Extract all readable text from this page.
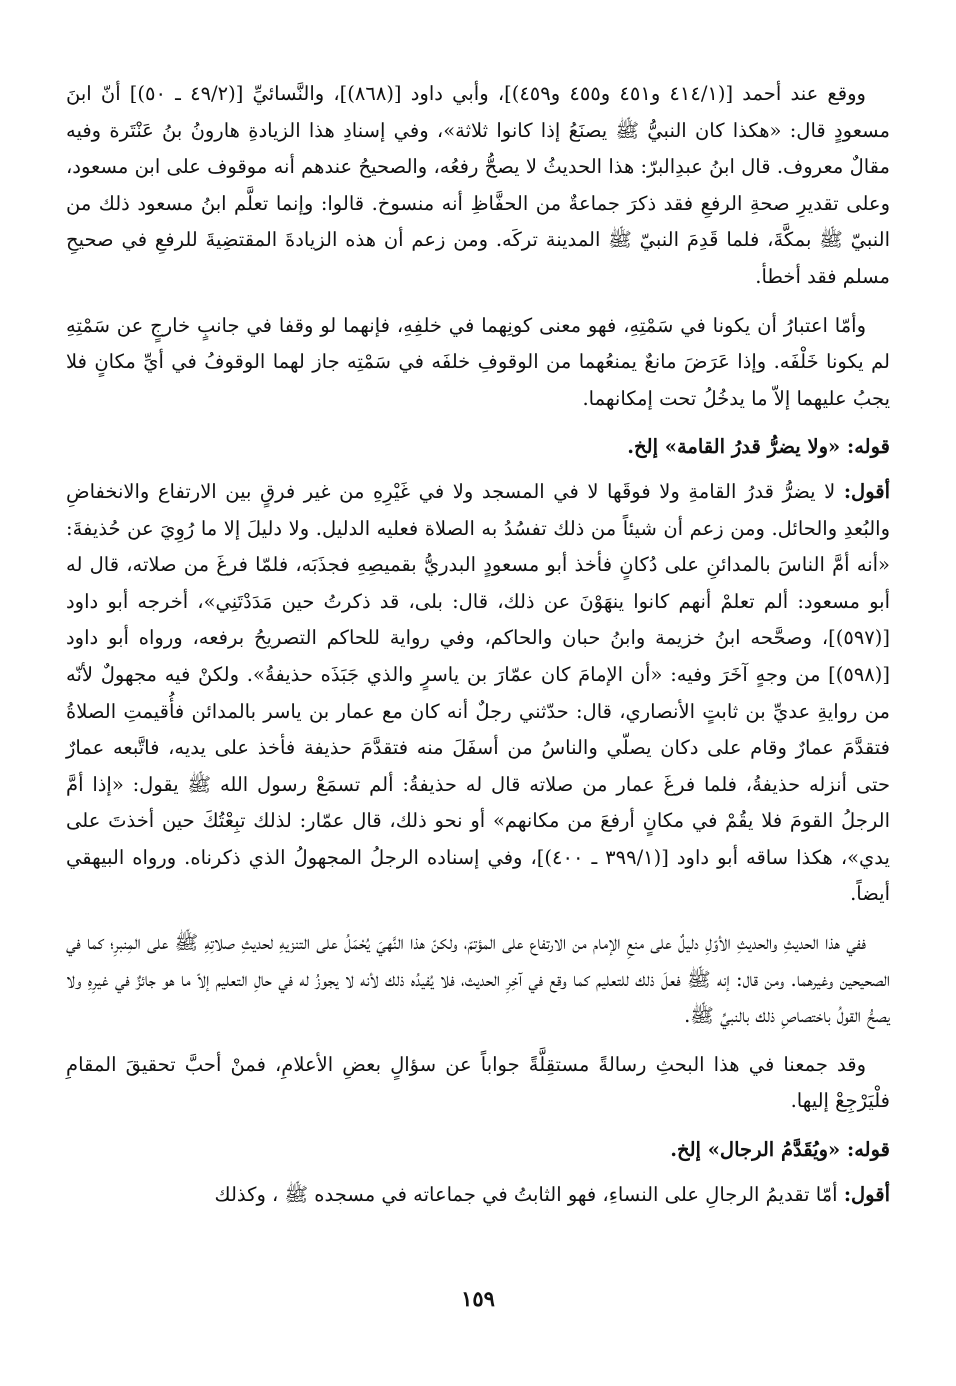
ووقع عند أحمد [(٤١٤/١ و٤٥١ و٤٥٥ و٤٥٩)]، وأبي داود [(٨٦٨)]، والنَّسائيِّ [(٤٩/٢ ـ ٥٠)] أنّ ابنَ مسعودٍ قال: «هكذا كان النبيُّ ﷺ يصنَعُ إذا كانوا ثلاثة»، وفي إسنادِ هذا الزيادةِ هارونُ بنُ عَنْتَرة وفيه مقالٌ معروف. قال ابنُ عبدِالبرّ: هذا الحديثُ لا يصحُّ رفعُه، والصحيحُ عندهم أنه موقوف على ابن مسعود، وعلى تقديرِ صحةِ الرفعِ فقد ذكرَ جماعةٌ من الحفَّاظِ أنه منسوخ. قالوا: وإنما تعلَّم ابنُ مسعود ذلك من النبيّ ﷺ بمكَّةَ، فلما قَدِمَ النبيّ ﷺ المدينة تركَه. ومن زعم أن هذه الزيادةَ المقتضِيةَ للرفعِ في صحيحِ مسلم فقد أخطأ.

وأمّا اعتبارُ أن يكونا في سَمْتِهِ، فهو معنى كونِهما في خلفِهِ، فإنهما لو وقفا في جانبٍ خارجٍ عن سَمْتِهِ لم يكونا خَلْفَه. وإذا عَرَضَ مانعٌ يمنعُهما من الوقوفِ خلفَه في سَمْتِه جاز لهما الوقوفُ في أيِّ مكانٍ فلا يجبُ عليهما إلاّ ما يدخُلُ تحت إمكانهما.

قوله: «ولا يضرُّ قدرُ القامة» إلخ.

أقول: لا يضرُّ قدرُ القامةِ ولا فوقَها لا في المسجد ولا في غَيْرِهِ من غير فرقٍ بين الارتفاع والانخفاضِ والبُعدِ والحائل. ومن زعم أن شيئاً من ذلك تفسُدُ به الصلاة فعليه الدليل. ولا دليلَ إلا ما رُوِيَ عن حُذيفةَ: «أنه أمَّ الناسَ بالمدائنِ على دُكانٍ فأخذ أبو مسعودٍ البدريُّ بقميصِهِ فجذَبَه، فلمّا فرغَ من صلاته، قال له أبو مسعود: ألم تعلمْ أنهم كانوا ينهَوْنَ عن ذلك، قال: بلى، قد ذكرتُ حين مَدَدْتَنِي»، أخرجه أبو داود [(٥٩٧)]، وصحَّحه ابنُ خزيمة وابنُ حبان والحاكم، وفي رواية للحاكم التصريحُ برفعه، ورواه أبو داود [(٥٩٨)] من وجهٍ آخَرَ وفيه: «أن الإمامَ كان عمّارَ بن ياسرٍ والذي جَبَذَه حذيفةُ». ولكنْ فيه مجهولٌ لأنّه من روايةِ عديِّ بن ثابتٍ الأنصاري، قال: حدّثني رجلٌ أنه كان مع عمار بن ياسر بالمدائن فأُقيمتِ الصلاةُ فتقدَّمَ عمارٌ وقام على دكان يصلّي والناسُ من أسفَلَ منه فتقدَّمَ حذيفة فأخذ على يديه، فاتَّبعه عمارٌ حتى أنزله حذيفةُ، فلما فرغَ عمار من صلاته قال له حذيفةُ: ألم تسمَعْ رسول الله ﷺ يقول: «إذا أمَّ الرجلُ القومَ فلا يقُمْ في مكانٍ أرفعَ من مكانهم» أو نحو ذلك، قال عمّار: لذلك تبِعْتُكَ حين أخذتَ على يدي»، هكذا ساقه أبو داود [(٣٩٩/١ ـ ٤٠٠)]، وفي إسناده الرجلُ المجهولُ الذي ذكرناه. ورواه البيهقي أيضاً.

ففي هذا الحديثِ والحديثِ الأوّلِ دليلٌ على منعِ الإمام من الارتفاع على المؤتمّ، ولكنّ هذا النَّهيَ يُحْمَلُ على التنزيهِ لحديثِ صلاتِهِ ﷺ على المِنبرِ؛ كما في الصحيحين وغيرهما. ومن قال: إنه ﷺ فعلَ ذلك للتعليم كما وقع في آخِرِ الحديث، فلا يُفيدُه ذلك لأنه لا يجوزُ له في حالِ التعليم إلاّ ما هو جائزٌ في غيرِهِ ولا يصحُّ القولُ باختصاصِ ذلك بالنبيِّ ﷺ.

وقد جمعنا في هذا البحثِ رسالةً مستقِلَّةً جواباً عن سؤالٍ بعضِ الأعلامِ، فمنْ أحبَّ تحقيقَ المقامِ فلْيَرْجِعْ إليها.

قوله: «ويُقَدَّمُ الرجال» إلخ.

أقول: أمّا تقديمُ الرجالِ على النساءِ، فهو الثابتُ في جماعاته في مسجده ﷺ ، وكذلك

١٥٩
